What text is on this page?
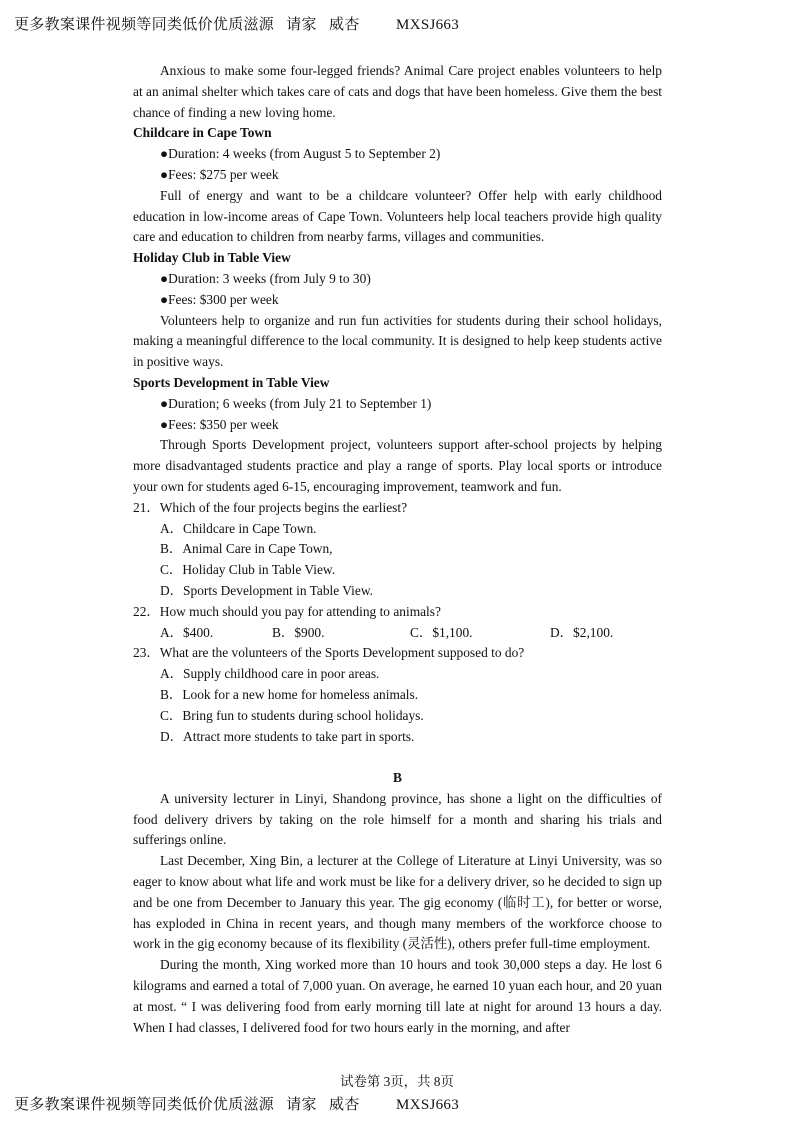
更多教案课件视频等同类低价优质滋源   请家   威杏         MXSJ663

Anxious to make some four-legged friends? Animal Care project enables volunteers to help at an animal shelter which takes care of cats and dogs that have been homeless. Give them the best chance of finding a new loving home.

Childcare in Cape Town

●Duration: 4 weeks (from August 5 to September 2)

●Fees: $275 per week

Full of energy and want to be a childcare volunteer? Offer help with early childhood education in low-income areas of Cape Town. Volunteers help local teachers provide high quality care and education to children from nearby farms, villages and communities.

Holiday Club in Table View

●Duration: 3 weeks (from July 9 to 30)

●Fees: $300 per week

Volunteers help to organize and run fun activities for students during their school holidays, making a meaningful difference to the local community. It is designed to help keep students active in positive ways.

Sports Development in Table View

●Duration; 6 weeks (from July 21 to September 1)

●Fees: $350 per week

Through Sports Development project, volunteers support after-school projects by helping more disadvantaged students practice and play a range of sports. Play local sports or introduce your own for students aged 6-15, encouraging improvement, teamwork and fun.

21．Which of the four projects begins the earliest?

A．Childcare in Cape Town.

B．Animal Care in Cape Town,

C．Holiday Club in Table View.

D．Sports Development in Table View.

22．How much should you pay for attending to animals?

A．$400.	B．$900.	C．$1,100.	D．$2,100.

23．What are the volunteers of the Sports Development supposed to do?

A．Supply childhood care in poor areas.

B．Look for a new home for homeless animals.

C．Bring fun to students during school holidays.

D．Attract more students to take part in sports.

B

A university lecturer in Linyi, Shandong province, has shone a light on the difficulties of food delivery drivers by taking on the role himself for a month and sharing his trials and sufferings online.

Last December, Xing Bin, a lecturer at the College of Literature at Linyi University, was so eager to know about what life and work must be like for a delivery driver, so he decided to sign up and be one from December to January this year. The gig economy (临时工), for better or worse, has exploded in China in recent years, and though many members of the workforce choose to work in the gig economy because of its flexibility (灵活性), others prefer full-time employment.

During the month, Xing worked more than 10 hours and took 30,000 steps a day. He lost 6 kilograms and earned a total of 7,000 yuan. On average, he earned 10 yuan each hour, and 20 yuan at most. “ I was delivering food from early morning till late at night for around 13 hours a day. When I had classes, I delivered food for two hours early in the morning, and after

试卷第 3页，共 8页
更多教案课件视频等同类低价优质滋源   请家   威杏         MXSJ663
